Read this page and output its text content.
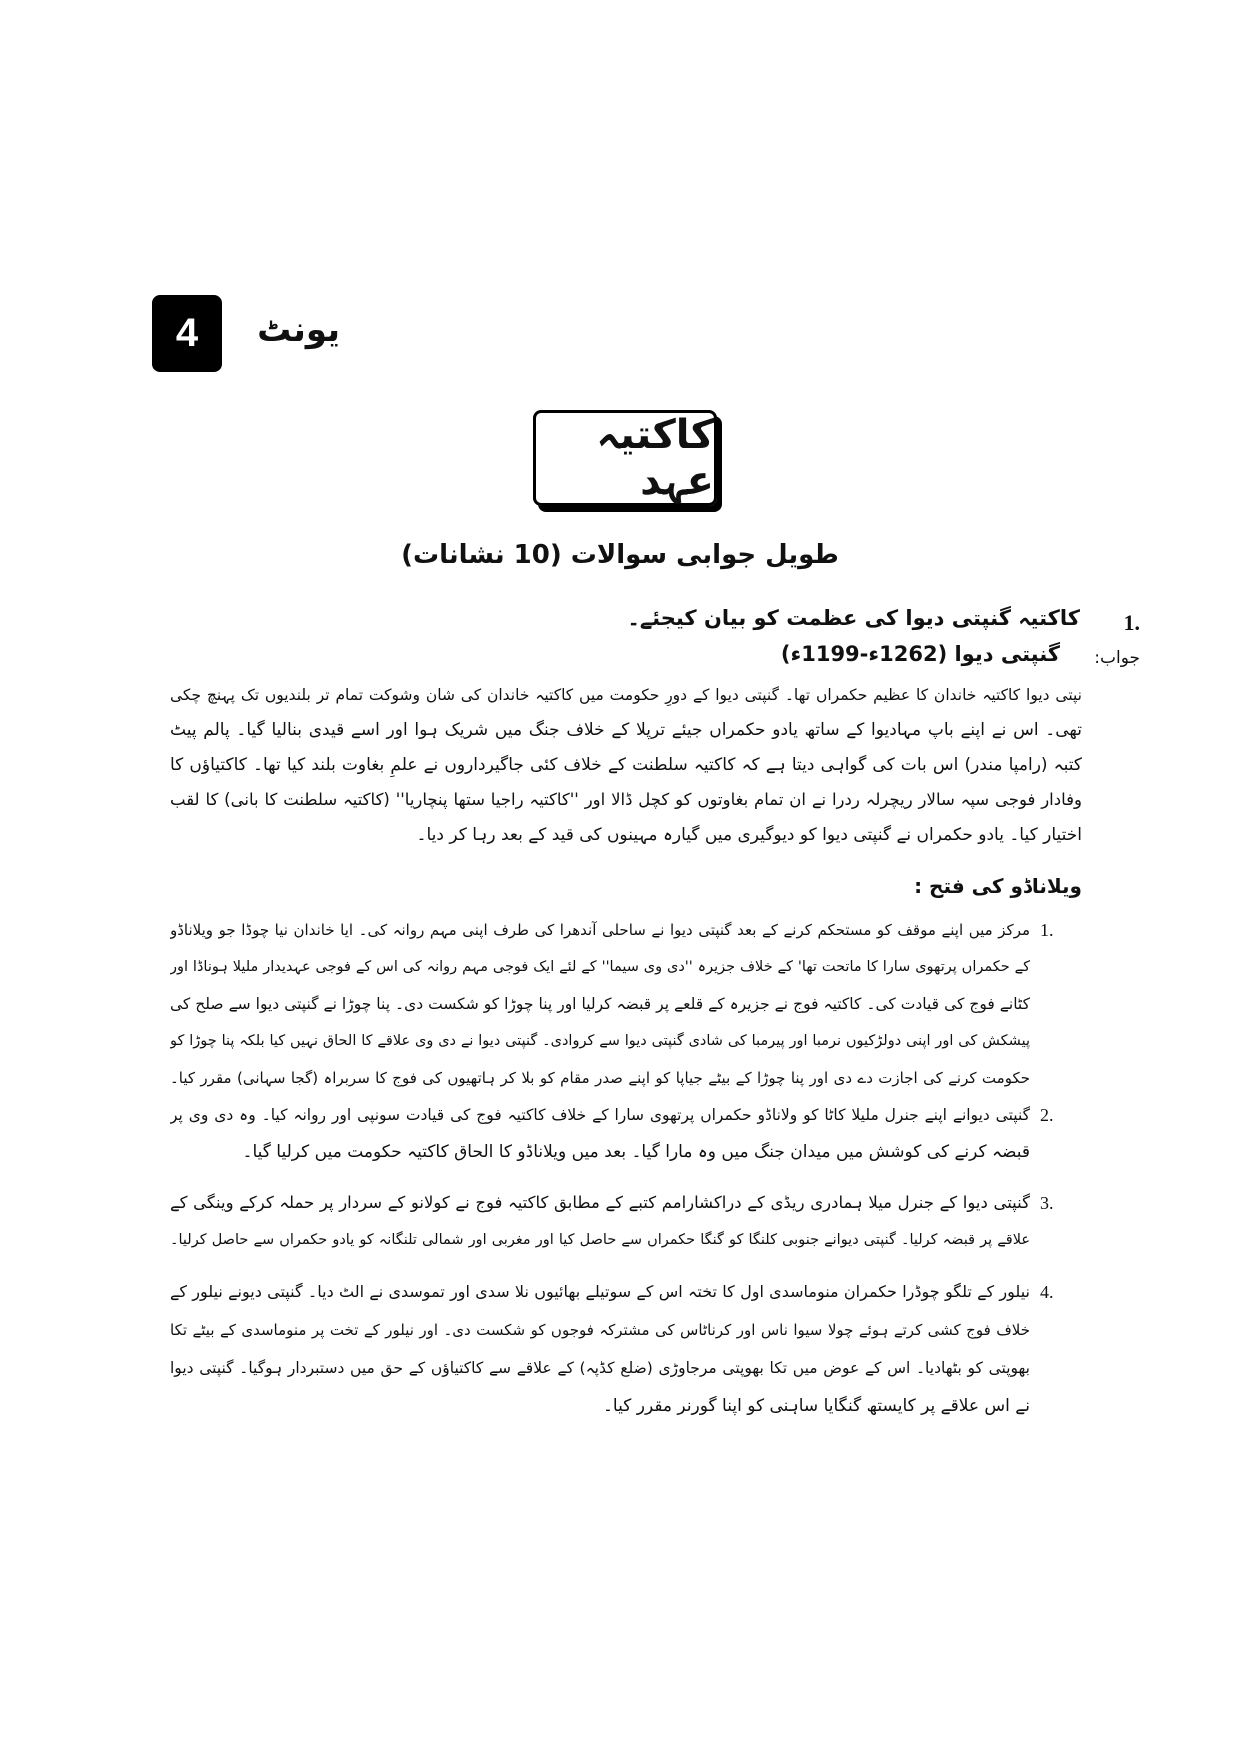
4	یونٹ
کاکتیہ عہد
طویل جوابی سوالات (10 نشانات)
1.
کاکتیہ گنپتی دیوا کی عظمت کو بیان کیجئے۔
جواب:
گنپتی دیوا (1262ء-1199ء)
نپتی دیوا کاکتیہ خاندان کا عظیم حکمراں تھا۔ گنپتی دیوا کے دورِ حکومت میں کاکتیہ خاندان کی شان وشوکت تمام تر بلندیوں تک پہنچ چکی
تھی۔ اس نے اپنے باپ مہادیوا کے ساتھ یادو حکمراں جیئے ترپلا کے خلاف جنگ میں شریک ہوا اور اسے قیدی بنالیا گیا۔ پالم پیٹ
کتبہ (رامپا مندر) اس بات کی گواہی دیتا ہے کہ کاکتیہ سلطنت کے خلاف کئی جاگیرداروں نے علمِ بغاوت بلند کیا تھا۔ کاکتیاؤں کا
وفادار فوجی سپہ سالار ریچرلہ ردرا نے ان تمام بغاوتوں کو کچل ڈالا اور ''کاکتیہ راجیا ستھا پنچاریا'' (کاکتیہ سلطنت کا بانی) کا لقب
اختیار کیا۔ یادو حکمراں نے گنپتی دیوا کو دیوگیری میں گیارہ مہینوں کی قید کے بعد رہا کر دیا۔
ویلاناڈو کی فتح :
1.
مرکز میں اپنے موقف کو مستحکم کرنے کے بعد گنپتی دیوا نے ساحلی آندھرا کی طرف اپنی مہم روانہ کی۔ ایا خاندان نیا چوڈا جو ویلاناڈو
کے حکمراں پرتھوی سارا کا ماتحت تھا' کے خلاف جزیرہ ''دی وی سیما'' کے لئے ایک فوجی مہم روانہ کی اس کے فوجی عہدیدار ملیلا ہوناڈا اور
کٹانے فوج کی قیادت کی۔ کاکتیہ فوج نے جزیرہ کے قلعے پر قبضہ کرلیا اور پنا چوڑا کو شکست دی۔ پنا چوڑا نے گنپتی دیوا سے صلح کی
پیشکش کی اور اپنی دولڑکیوں نرمبا اور پیرمبا کی شادی گنپتی دیوا سے کروادی۔ گنپتی دیوا نے دی وی علاقے کا الحاق نہیں کیا بلکہ پنا چوڑا کو
حکومت کرنے کی اجازت دے دی اور پنا چوڑا کے بیٹے جیاپا کو اپنے صدر مقام کو بلا کر ہاتھیوں کی فوج کا سربراہ (گجا سہانی) مقرر کیا۔
2.
گنپتی دیوانے اپنے جنرل ملیلا کاٹا کو ولاناڈو حکمراں پرتھوی سارا کے خلاف کاکتیہ فوج کی قیادت سونپی اور روانہ کیا۔ وہ دی وی پر
قبضہ کرنے کی کوشش میں میدان جنگ میں وہ مارا گیا۔ بعد میں ویلاناڈو کا الحاق کاکتیہ حکومت میں کرلیا گیا۔
3.
گنپتی دیوا کے جنرل میلا ہمادری ریڈی کے دراکشارامم کتبے کے مطابق کاکتیہ فوج نے کولانو کے سردار پر حملہ کرکے وینگی کے
علاقے پر قبضہ کرلیا۔ گنپتی دیوانے جنوبی کلنگا کو گنگا حکمراں سے حاصل کیا اور مغربی اور شمالی تلنگانہ کو یادو حکمراں سے حاصل کرلیا۔
4.
نیلور کے تلگو چوڈرا حکمران منوماسدی اول کا تختہ اس کے سوتیلے بھائیوں نلا سدی اور تموسدی نے الٹ دیا۔ گنپتی دیونے نیلور کے
خلاف فوج کشی کرتے ہوئے چولا سیوا ناس اور کرناٹاس کی مشترکہ فوجوں کو شکست دی۔ اور نیلور کے تخت پر منوماسدی کے بیٹے تکا
بھوپتی کو بٹھادیا۔ اس کے عوض میں تکا بھوپتی مرجاوڑی (ضلع کڈپہ) کے علاقے سے کاکتیاؤں کے حق میں دستبردار ہوگیا۔ گنپتی دیوا
نے اس علاقے پر کایستھ گنگایا ساہنی کو اپنا گورنر مقرر کیا۔
